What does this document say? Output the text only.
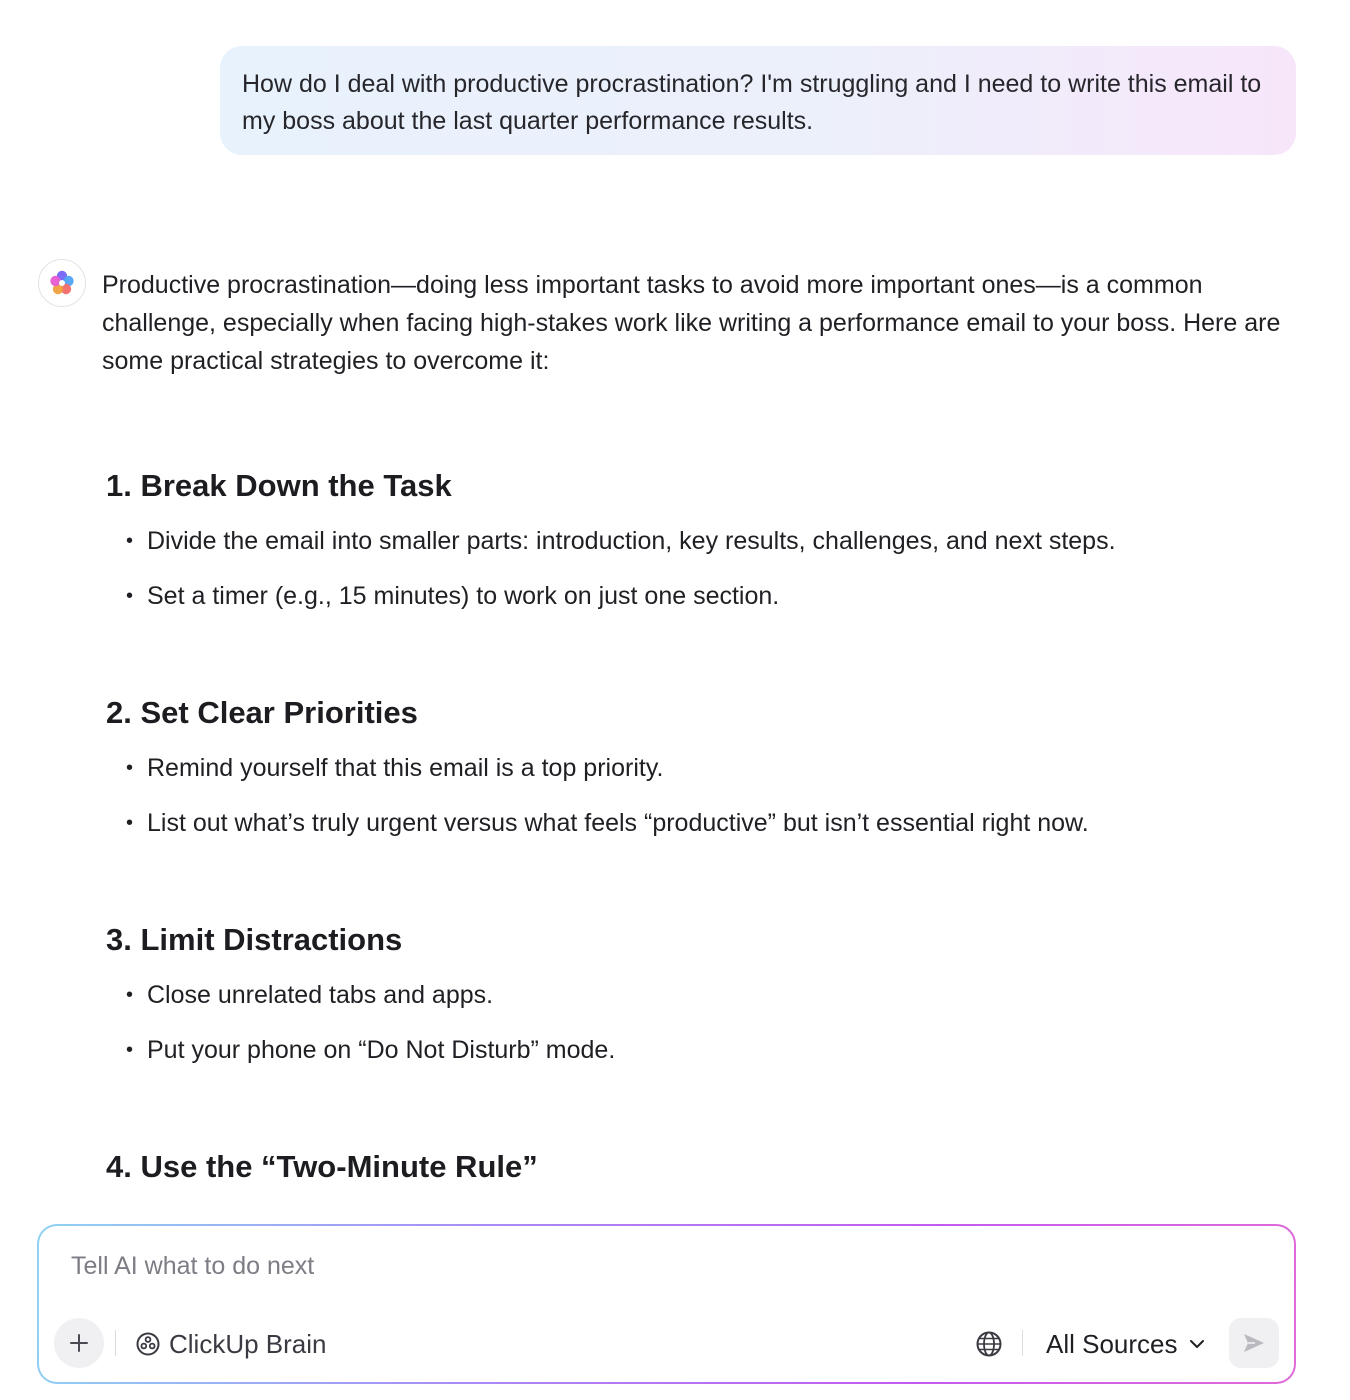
How do I deal with productive procrastination? I'm struggling and I need to write this email to my boss about the last quarter performance results.

Productive procrastination—doing less important tasks to avoid more important ones—is a common challenge, especially when facing high-stakes work like writing a performance email to your boss. Here are some practical strategies to overcome it:

1. Break Down the Task
• Divide the email into smaller parts: introduction, key results, challenges, and next steps.
• Set a timer (e.g., 15 minutes) to work on just one section.
2. Set Clear Priorities
• Remind yourself that this email is a top priority.
• List out what’s truly urgent versus what feels “productive” but isn’t essential right now.
3. Limit Distractions
• Close unrelated tabs and apps.
• Put your phone on “Do Not Disturb” mode.
4. Use the “Two-Minute Rule”
Tell AI what to do next
ClickUp Brain	All Sources
